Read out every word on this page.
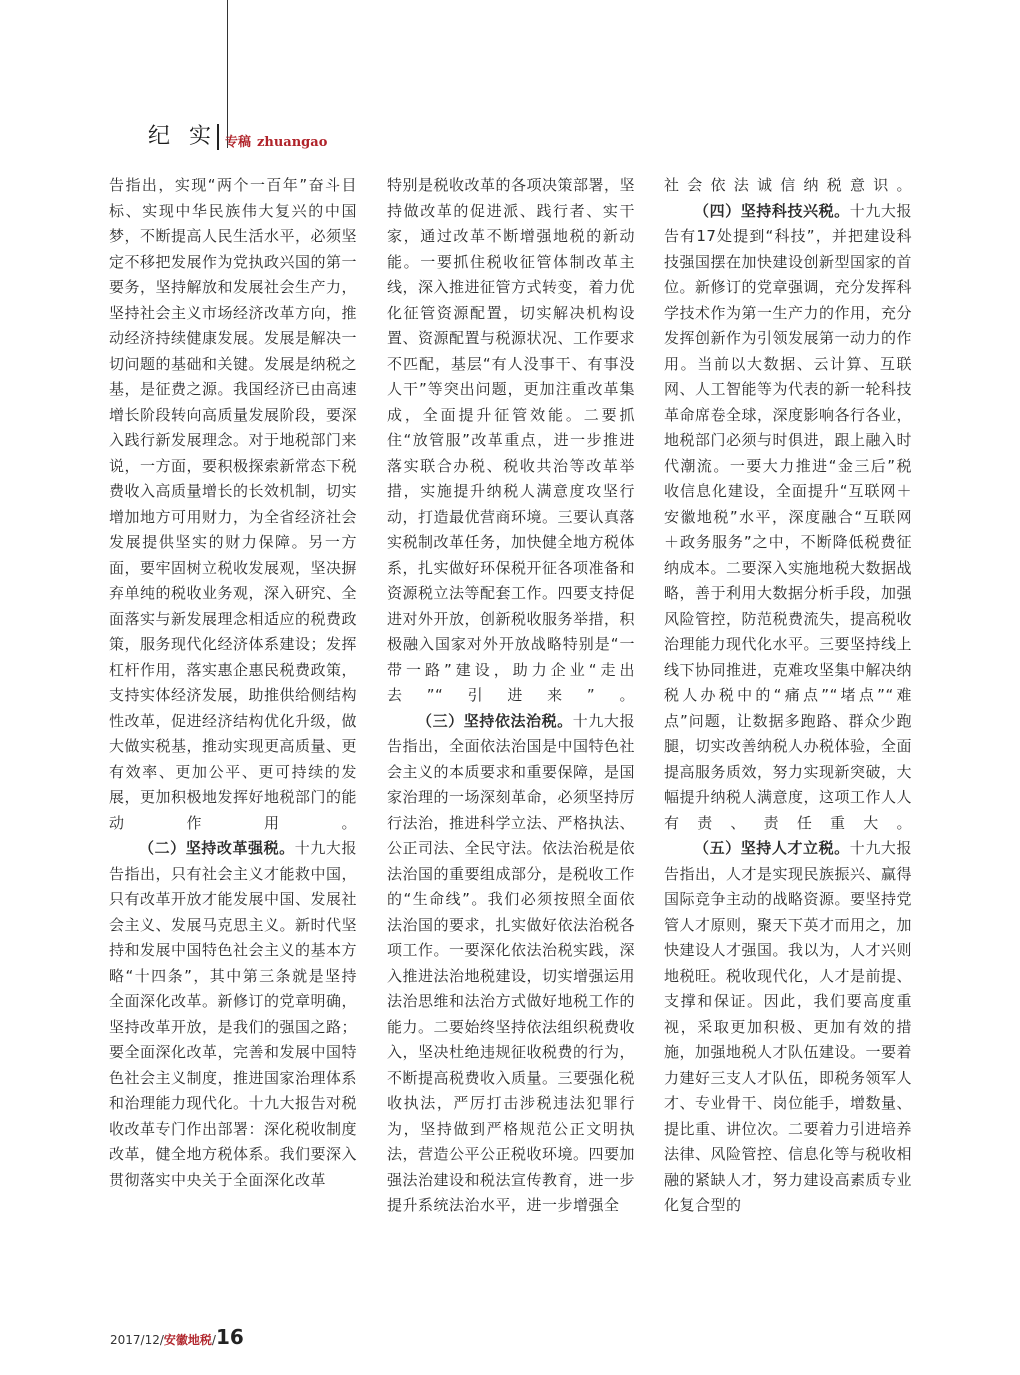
纪 实 专稿 zhuangao

告指出，实现“两个一百年”奋斗目标、实现中华民族伟大复兴的中国梦，不断提高人民生活水平，必须坚定不移把发展作为党执政兴国的第一要务，坚持解放和发展社会生产力，坚持社会主义市场经济改革方向，推动经济持续健康发展。发展是解决一切问题的基础和关键。发展是纳税之基，是征费之源。我国经济已由高速增长阶段转向高质量发展阶段，要深入践行新发展理念。对于地税部门来说，一方面，要积极探索新常态下税费收入高质量增长的长效机制，切实增加地方可用财力，为全省经济社会发展提供坚实的财力保障。另一方面，要牢固树立税收发展观，坚决摒弃单纯的税收业务观，深入研究、全面落实与新发展理念相适应的税费政策，服务现代化经济体系建设；发挥杠杆作用，落实惠企惠民税费政策，支持实体经济发展，助推供给侧结构性改革，促进经济结构优化升级，做大做实税基，推动实现更高质量、更有效率、更加公平、更可持续的发展，更加积极地发挥好地税部门的能动作用。

（二）坚持改革强税。十九大报告指出，只有社会主义才能救中国，只有改革开放才能发展中国、发展社会主义、发展马克思主义。新时代坚持和发展中国特色社会主义的基本方略“十四条”，其中第三条就是坚持全面深化改革。新修订的党章明确，坚持改革开放，是我们的强国之路；要全面深化改革，完善和发展中国特色社会主义制度，推进国家治理体系和治理能力现代化。十九大报告对税收改革专门作出部署：深化税收制度改革，健全地方税体系。我们要深入贯彻落实中央关于全面深化改革

特别是税收改革的各项决策部署，坚持做改革的促进派、践行者、实干家，通过改革不断增强地税的新动能。一要抓住税收征管体制改革主线，深入推进征管方式转变，着力优化征管资源配置，切实解决机构设置、资源配置与税源状况、工作要求不匹配，基层“有人没事干、有事没人干”等突出问题，更加注重改革集成，全面提升征管效能。二要抓住“放管服”改革重点，进一步推进落实联合办税、税收共治等改革举措，实施提升纳税人满意度攻坚行动，打造最优营商环境。三要认真落实税制改革任务，加快健全地方税体系，扎实做好环保税开征各项准备和资源税立法等配套工作。四要支持促进对外开放，创新税收服务举措，积极融入国家对外开放战略特别是“一带一路”建设，助力企业“走出去”“引进来”。

（三）坚持依法治税。十九大报告指出，全面依法治国是中国特色社会主义的本质要求和重要保障，是国家治理的一场深刻革命，必须坚持厉行法治，推进科学立法、严格执法、公正司法、全民守法。依法治税是依法治国的重要组成部分，是税收工作的“生命线”。我们必须按照全面依法治国的要求，扎实做好依法治税各项工作。一要深化依法治税实践，深入推进法治地税建设，切实增强运用法治思维和法治方式做好地税工作的能力。二要始终坚持依法组织税费收入，坚决杜绝违规征收税费的行为，不断提高税费收入质量。三要强化税收执法，严厉打击涉税违法犯罪行为，坚持做到严格规范公正文明执法，营造公平公正税收环境。四要加强法治建设和税法宣传教育，进一步提升系统法治水平，进一步增强全

社会依法诚信纳税意识。

（四）坚持科技兴税。十九大报告有17处提到“科技”，并把建设科技强国摆在加快建设创新型国家的首位。新修订的党章强调，充分发挥科学技术作为第一生产力的作用，充分发挥创新作为引领发展第一动力的作用。当前以大数据、云计算、互联网、人工智能等为代表的新一轮科技革命席卷全球，深度影响各行各业，地税部门必须与时俱进，跟上融入时代潮流。一要大力推进“金三后”税收信息化建设，全面提升“互联网＋安徽地税”水平，深度融合“互联网＋政务服务”之中，不断降低税费征纳成本。二要深入实施地税大数据战略，善于利用大数据分析手段，加强风险管控，防范税费流失，提高税收治理能力现代化水平。三要坚持线上线下协同推进，克难攻坚集中解决纳税人办税中的“痛点”“堵点”“难点”问题，让数据多跑路、群众少跑腿，切实改善纳税人办税体验，全面提高服务质效，努力实现新突破，大幅提升纳税人满意度，这项工作人人有责、责任重大。

（五）坚持人才立税。十九大报告指出，人才是实现民族振兴、赢得国际竞争主动的战略资源。要坚持党管人才原则，聚天下英才而用之，加快建设人才强国。我以为，人才兴则地税旺。税收现代化，人才是前提、支撑和保证。因此，我们要高度重视，采取更加积极、更加有效的措施，加强地税人才队伍建设。一要着力建好三支人才队伍，即税务领军人才、专业骨干、岗位能手，增数量、提比重、讲位次。二要着力引进培养法律、风险管控、信息化等与税收相融的紧缺人才，努力建设高素质专业化复合型的

2017/12/安徽地税/16
